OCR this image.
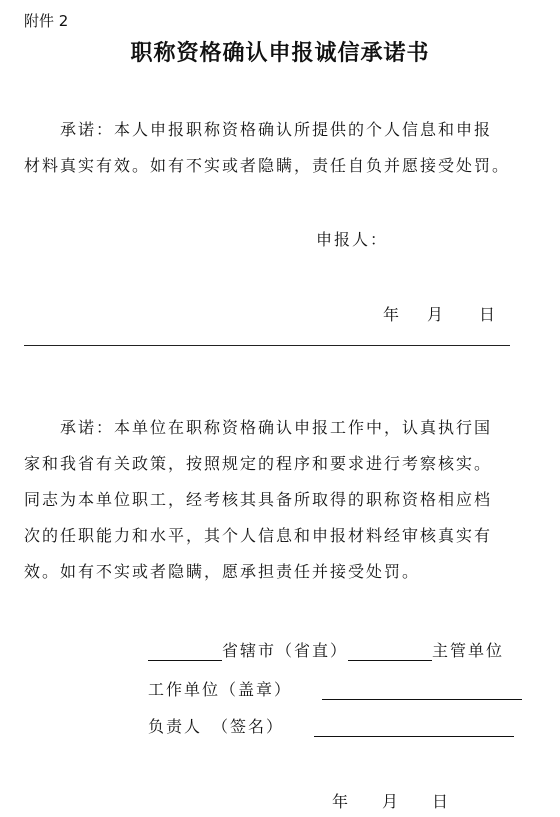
附件 2
职称资格确认申报诚信承诺书
承诺：本人申报职称资格确认所提供的个人信息和申报
材料真实有效。如有不实或者隐瞒，责任自负并愿接受处罚。
申报人：
年 月 日
承诺：本单位在职称资格确认申报工作中，认真执行国
家和我省有关政策，按照规定的程序和要求进行考察核实。
同志为本单位职工，经考核其具备所取得的职称资格相应档
次的任职能力和水平，其个人信息和申报材料经审核真实有
效。如有不实或者隐瞒，愿承担责任并接受处罚。
省辖市（省直）	主管单位
工作单位（盖章）
负责人　（签名）
年 月 日
